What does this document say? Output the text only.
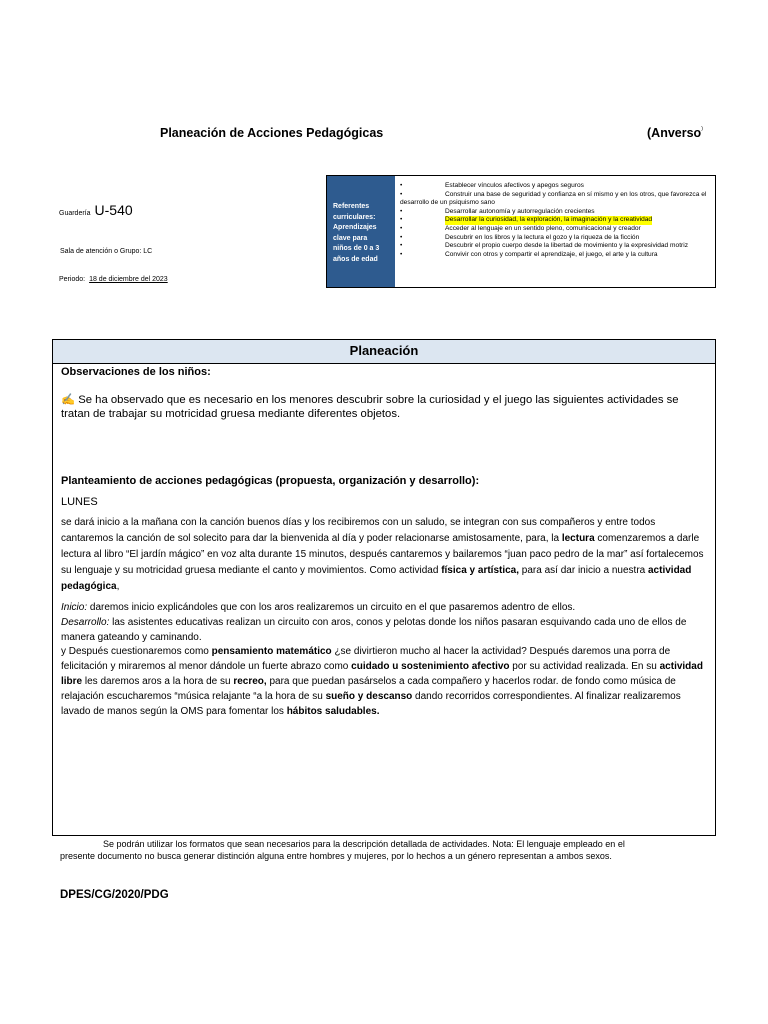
Planeación de Acciones Pedagógicas	(Anverso)
Guardería U-540
Sala de atención o Grupo: LC
Periodo: 18 de diciembre del 2023
Referentes
curriculares:
Aprendizajes
clave para
niños de 0 a 3
años de edad
•	Establecer vínculos afectivos y apegos seguros
•	Construir una base de seguridad y confianza en sí mismo y en los otros, que favorezca el desarrollo de un psiquismo sano
•	Desarrollar autonomía y autorregulación crecientes
•	Desarrollar la curiosidad, la exploración, la imaginación y la creatividad
•	Acceder al lenguaje en un sentido pleno, comunicacional y creador
•	Descubrir en los libros y la lectura el gozo y la riqueza de la ficción
•	Descubrir el propio cuerpo desde la libertad de movimiento y la expresividad motriz
•	Convivir con otros y compartir el aprendizaje, el juego, el arte y la cultura
Planeación
Observaciones de los niños:
✍ Se ha observado que es necesario en los menores descubrir sobre la curiosidad y el juego las siguientes actividades se tratan de trabajar su motricidad gruesa mediante diferentes objetos.
Planteamiento de acciones pedagógicas (propuesta, organización y desarrollo):
LUNES
se dará inicio a la mañana con la canción buenos días y los recibiremos con un saludo, se integran con sus compañeros y entre todos cantaremos la canción de sol solecito para dar la bienvenida al día y poder relacionarse amistosamente, para, la lectura comenzaremos a darle lectura al libro “El jardín mágico” en voz alta durante 15 minutos, después cantaremos y bailaremos “juan paco pedro de la mar” así fortalecemos su lenguaje y su motricidad gruesa mediante el canto y movimientos. Como actividad física y artística, para así dar inicio a nuestra actividad pedagógica,
Inicio: daremos inicio explicándoles que con los aros realizaremos un circuito en el que pasaremos adentro de ellos.
Desarrollo: las asistentes educativas realizan un circuito con aros, conos y pelotas donde los niños pasaran esquivando cada uno de ellos de manera gateando y caminando.
y Después cuestionaremos como pensamiento matemático ¿se divirtieron mucho al hacer la actividad? Después daremos una porra de felicitación y miraremos al menor dándole un fuerte abrazo como cuidado u sostenimiento afectivo por su actividad realizada. En su actividad libre les daremos aros a la hora de su recreo, para que puedan pasárselos a cada compañero y hacerlos rodar. de fondo como música de relajación escucharemos “música relajante “a la hora de su sueño y descanso dando recorridos correspondientes. Al finalizar realizaremos lavado de manos según la OMS para fomentar los hábitos saludables.
Se podrán utilizar los formatos que sean necesarios para la descripción detallada de actividades. Nota: El lenguaje empleado en el
presente documento no busca generar distinción alguna entre hombres y mujeres, por lo hechos a un género representan a ambos sexos.
DPES/CG/2020/PDG
